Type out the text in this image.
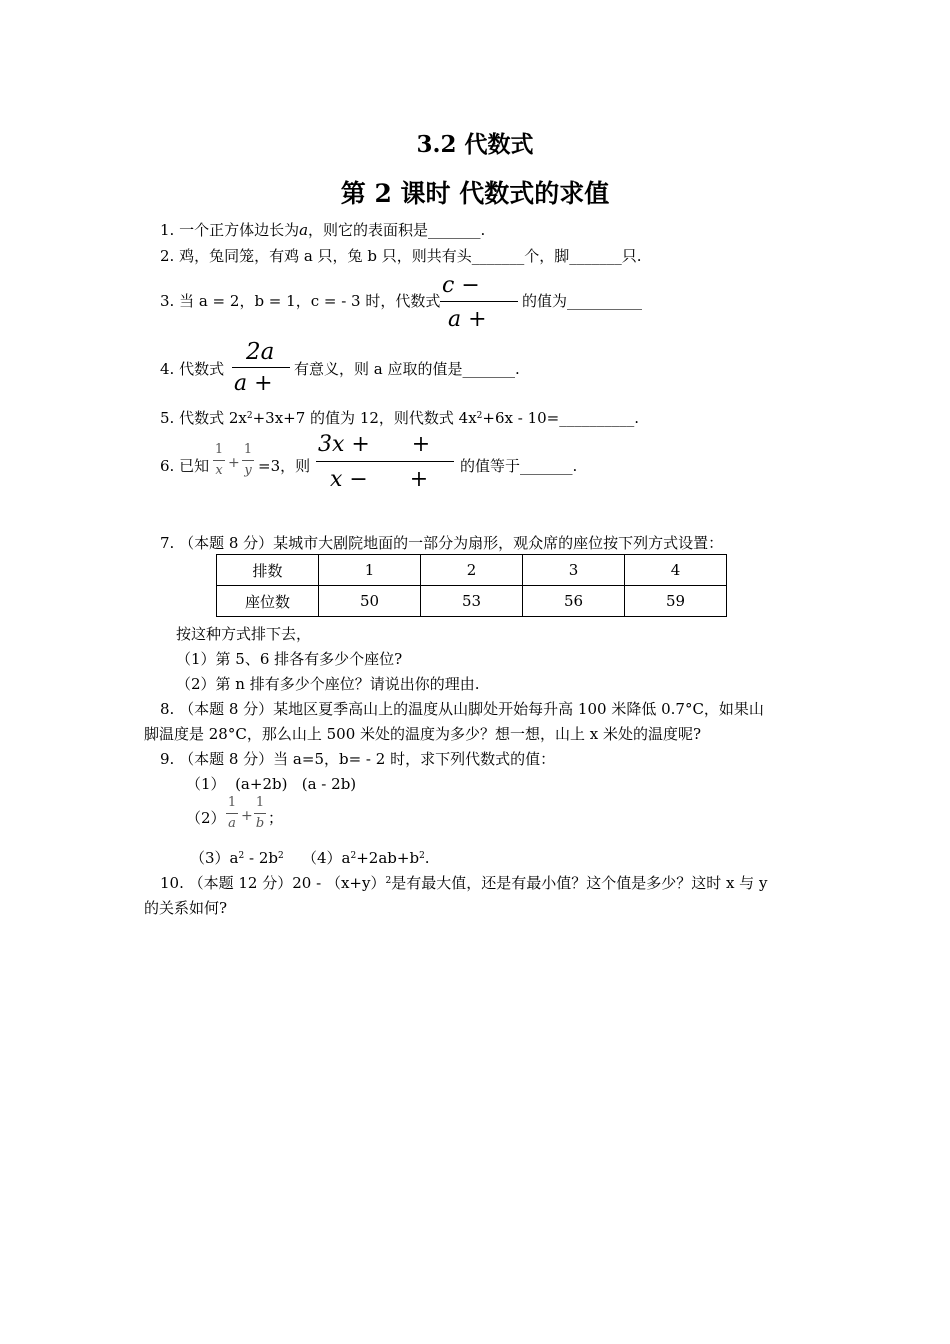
3.2 代数式
第 2 课时 代数式的求值
1. 一个正方体边长为a，则它的表面积是_______.
2. 鸡，兔同笼，有鸡 a 只，兔 b 只，则共有头_______个，脚_______只.
3. 当 a = 2，b = 1，c = - 3 时，代数式
c −
a +
的值为__________
4. 代数式
2a
a +
有意义，则 a 应取的值是_______.
5. 代数式 $2x^2+3x+7$ 的值为 12，则代数式 $4x^2+6x$ - 10=__________.
6. 已知
1
x +
1
y =3，则
3x +      +
x −      +
的值等于_______.
7. （本题 8 分）某城市大剧院地面的一部分为扇形，观众席的座位按下列方式设置：
排数	1	2	3	4
座位数	50	53	56	59
按这种方式排下去，
（1）第 5、6 排各有多少个座位?
（2）第 n 排有多少个座位？请说出你的理由.
8. （本题 8 分）某地区夏季高山上的温度从山脚处开始每升高 100 米降低 0.7°C，如果山
脚温度是 28°C，那么山上 500 米处的温度为多少？想一想，山上 x 米处的温度呢?
9. （本题 8 分）当 a=5，b= - 2 时，求下列代数式的值：
（1）  (a+2b)   (a - 2b)
（2）
1
a +
1
b ；
$(3)a^2 - 2b^2$ $(4)a^2+2ab+b^2$.
10. （本题 12 分）$20 - (x+y)^2$是有最大值，还是有最小值？这个值是多少？这时 x 与 y
的关系如何?
